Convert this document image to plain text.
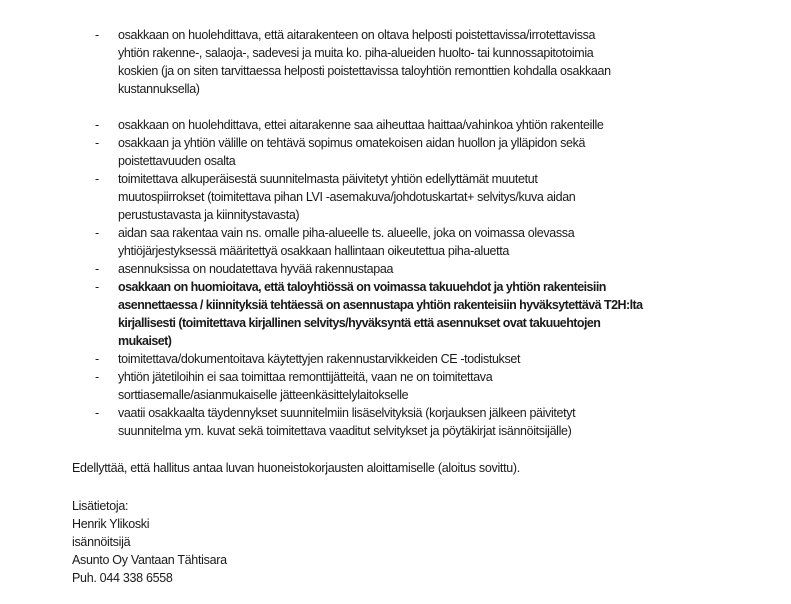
- osakkaan on huolehdittava, että aitarakenteen on oltava helposti poistettavissa/irrotettavissa
yhtiön rakenne-, salaoja-, sadevesi ja muita ko. piha-alueiden huolto- tai kunnossapitotoimia
koskien (ja on siten tarvittaessa helposti poistettavissa taloyhtiön remonttien kohdalla osakkaan
kustannuksella)
- osakkaan on huolehdittava, ettei aitarakenne saa aiheuttaa haittaa/vahinkoa yhtiön rakenteille
- osakkaan ja yhtiön välille on tehtävä sopimus omatekoisen aidan huollon ja ylläpidon sekä
poistettavuuden osalta
- toimitettava alkuperäisestä suunnitelmasta päivitetyt yhtiön edellyttämät muutetut
muutospiirrokset (toimitettava pihan LVI -asemakuva/johdotuskartat+ selvitys/kuva aidan
perustustavasta ja kiinnitystavasta)
- aidan saa rakentaa vain ns. omalle piha-alueelle ts. alueelle, joka on voimassa olevassa
yhtiöjärjestyksessä määritettyä osakkaan hallintaan oikeutettua piha-aluetta
- asennuksissa on noudatettava hyvää rakennustapaa
- osakkaan on huomioitava, että taloyhtiössä on voimassa takuuehdot ja yhtiön rakenteisiin
asennettaessa / kiinnityksiä tehtäessä on asennustapa yhtiön rakenteisiin hyväksytettävä T2H:lta
kirjallisesti (toimitettava kirjallinen selvitys/hyväksyntä että asennukset ovat takuuehtojen
mukaiset)
- toimitettava/dokumentoitava käytettyjen rakennustarvikkeiden CE -todistukset
- yhtiön jätetiloihin ei saa toimittaa remonttijätteitä, vaan ne on toimitettava
sorttiasemalle/asianmukaiselle jätteenkäsittelylaitokselle
- vaatii osakkaalta täydennykset suunnitelmiin lisäselvityksiä (korjauksen jälkeen päivitetyt
suunnitelma ym. kuvat sekä toimitettava vaaditut selvitykset ja pöytäkirjat isännöitsijälle)
Edellyttää, että hallitus antaa luvan huoneistokorjausten aloittamiselle (aloitus sovittu).
Lisätietoja:
Henrik Ylikoski
isännöitsijä
Asunto Oy Vantaan Tähtisara
Puh. 044 338 6558
